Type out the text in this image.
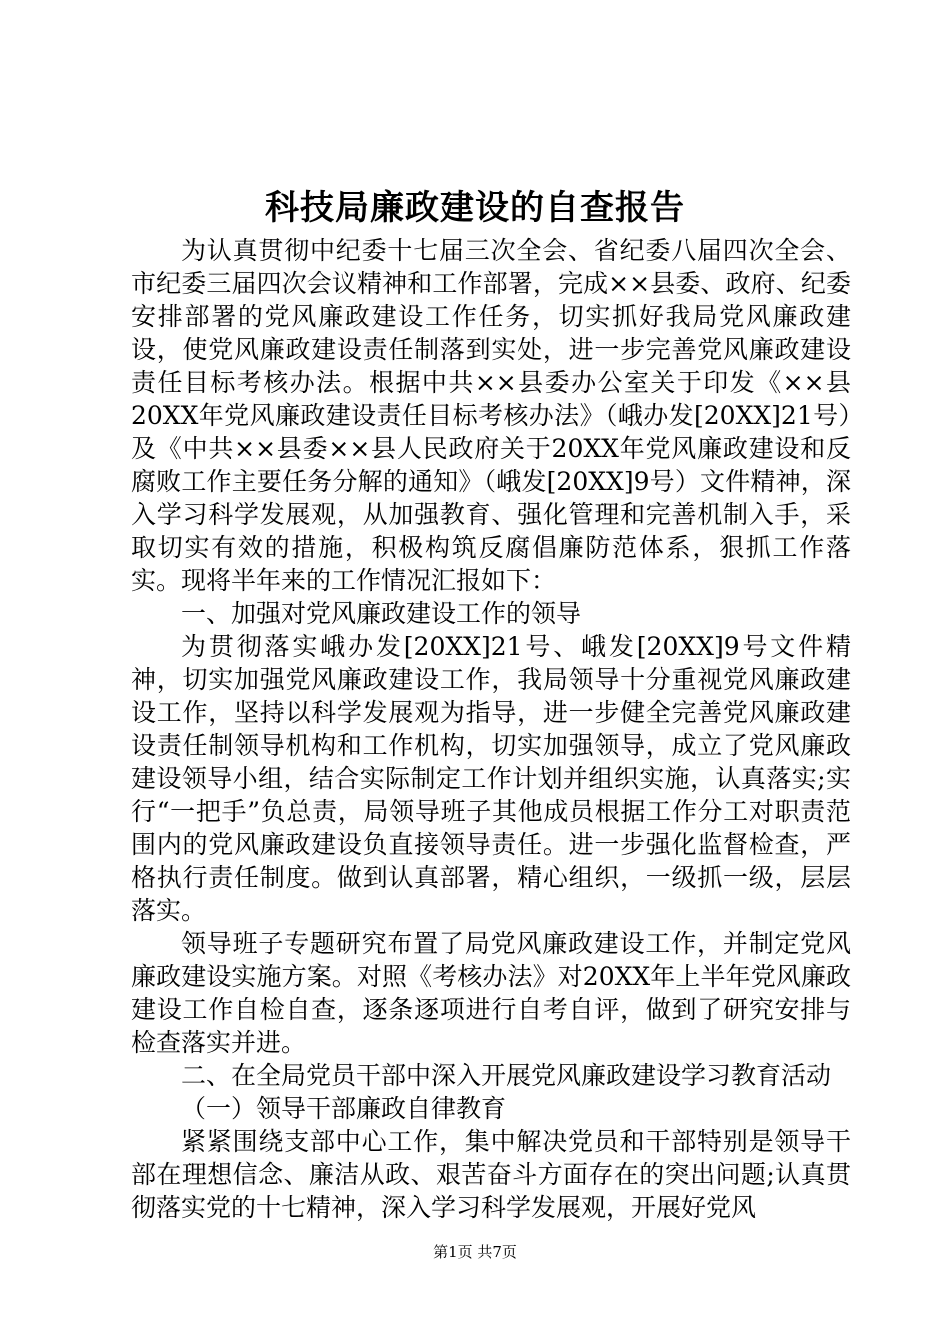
科技局廉政建设的自查报告

为认真贯彻中纪委十七届三次全会、省纪委八届四次全会、市纪委三届四次会议精神和工作部署，完成××县委、政府、纪委安排部署的党风廉政建设工作任务，切实抓好我局党风廉政建设，使党风廉政建设责任制落到实处，进一步完善党风廉政建设责任目标考核办法。根据中共××县委办公室关于印发《××县20XX年党风廉政建设责任目标考核办法》（峨办发[20XX]21号）及《中共××县委××县人民政府关于20XX年党风廉政建设和反腐败工作主要任务分解的通知》（峨发[20XX]9号）文件精神，深入学习科学发展观，从加强教育、强化管理和完善机制入手，采取切实有效的措施，积极构筑反腐倡廉防范体系，狠抓工作落实。现将半年来的工作情况汇报如下：

一、加强对党风廉政建设工作的领导

为贯彻落实峨办发[20XX]21号、峨发[20XX]9号文件精神，切实加强党风廉政建设工作，我局领导十分重视党风廉政建设工作，坚持以科学发展观为指导，进一步健全完善党风廉政建设责任制领导机构和工作机构，切实加强领导，成立了党风廉政建设领导小组，结合实际制定工作计划并组织实施，认真落实;实行“一把手”负总责，局领导班子其他成员根据工作分工对职责范围内的党风廉政建设负直接领导责任。进一步强化监督检查，严格执行责任制度。做到认真部署，精心组织，一级抓一级，层层落实。

领导班子专题研究布置了局党风廉政建设工作，并制定党风廉政建设实施方案。对照《考核办法》对20XX年上半年党风廉政建设工作自检自查，逐条逐项进行自考自评，做到了研究安排与检查落实并进。

二、在全局党员干部中深入开展党风廉政建设学习教育活动

（一）领导干部廉政自律教育

紧紧围绕支部中心工作，集中解决党员和干部特别是领导干部在理想信念、廉洁从政、艰苦奋斗方面存在的突出问题;认真贯彻落实党的十七精神，深入学习科学发展观，开展好党风

第1页 共7页
